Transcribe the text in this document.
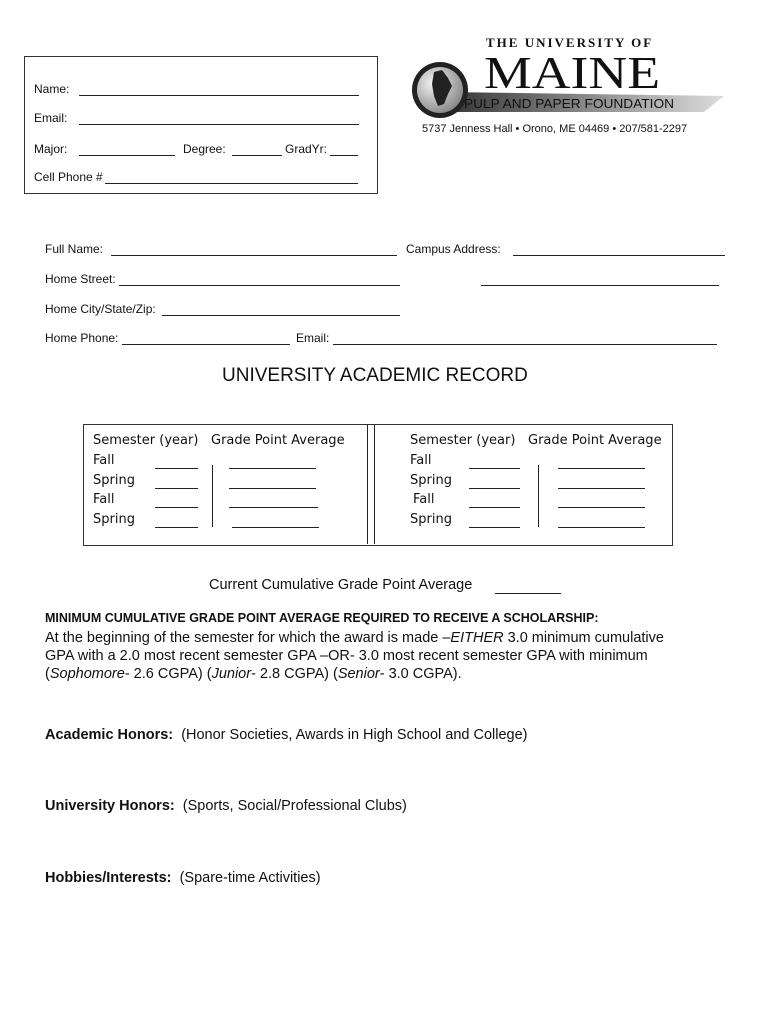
Name:
Email:
Major:	Degree:	GradYr:
Cell Phone #
THE UNIVERSITY OF
MAINE
PULP AND PAPER FOUNDATION
5737 Jenness Hall • Orono, ME 04469 • 207/581-2297
Full Name:	Campus Address:
Home Street:
Home City/State/Zip:
Home Phone:	Email:
UNIVERSITY ACADEMIC RECORD
Semester (year) Grade Point Average
Fall
Spring
Fall
Spring
Semester (year) Grade Point Average
Fall
Spring
Fall
Spring
Current Cumulative Grade Point Average
MINIMUM CUMULATIVE GRADE POINT AVERAGE REQUIRED TO RECEIVE A SCHOLARSHIP:
At the beginning of the semester for which the award is made –EITHER 3.0 minimum cumulative
GPA with a 2.0 most recent semester GPA –OR- 3.0 most recent semester GPA with minimum
(Sophomore- 2.6 CGPA) (Junior- 2.8 CGPA) (Senior- 3.0 CGPA).
Academic Honors: (Honor Societies, Awards in High School and College)
University Honors: (Sports, Social/Professional Clubs)
Hobbies/Interests: (Spare-time Activities)
